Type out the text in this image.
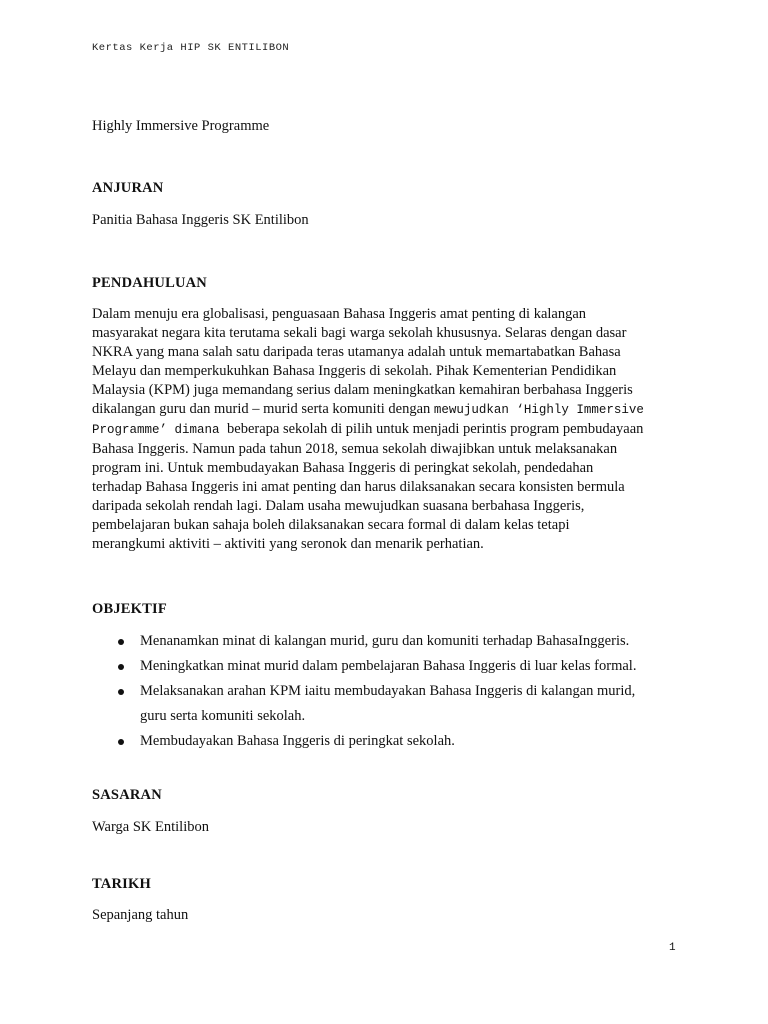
Kertas Kerja HIP SK ENTILIBON
Highly Immersive Programme
ANJURAN
Panitia Bahasa Inggeris SK Entilibon
PENDAHULUAN
Dalam menuju era globalisasi, penguasaan Bahasa Inggeris amat penting di kalangan
masyarakat negara kita terutama sekali bagi warga sekolah khususnya. Selaras dengan dasar
NKRA yang mana salah satu daripada teras utamanya adalah untuk memartabatkan Bahasa
Melayu dan memperkukuhkan Bahasa Inggeris di sekolah. Pihak Kementerian Pendidikan
Malaysia (KPM) juga memandang serius dalam meningkatkan kemahiran berbahasa Inggeris
dikalangan guru dan murid – murid serta komuniti dengan mewujudkan ‘Highly Immersive
Programme’ dimana beberapa sekolah di pilih untuk menjadi perintis program pembudayaan
Bahasa Inggeris. Namun pada tahun 2018, semua sekolah diwajibkan untuk melaksanakan
program ini. Untuk membudayakan Bahasa Inggeris di peringkat sekolah, pendedahan
terhadap Bahasa Inggeris ini amat penting dan harus dilaksanakan secara konsisten bermula
daripada sekolah rendah lagi. Dalam usaha mewujudkan suasana berbahasa Inggeris,
pembelajaran bukan sahaja boleh dilaksanakan secara formal di dalam kelas tetapi
merangkumi aktiviti – aktiviti yang seronok dan menarik perhatian.
OBJEKTIF
Menanamkan minat di kalangan murid, guru dan komuniti terhadap BahasaInggeris.
Meningkatkan minat murid dalam pembelajaran Bahasa Inggeris di luar kelas formal.
Melaksanakan arahan KPM iaitu membudayakan Bahasa Inggeris di kalangan murid,
guru serta komuniti sekolah.
Membudayakan Bahasa Inggeris di peringkat sekolah.
SASARAN
Warga SK Entilibon
TARIKH
Sepanjang tahun
1
